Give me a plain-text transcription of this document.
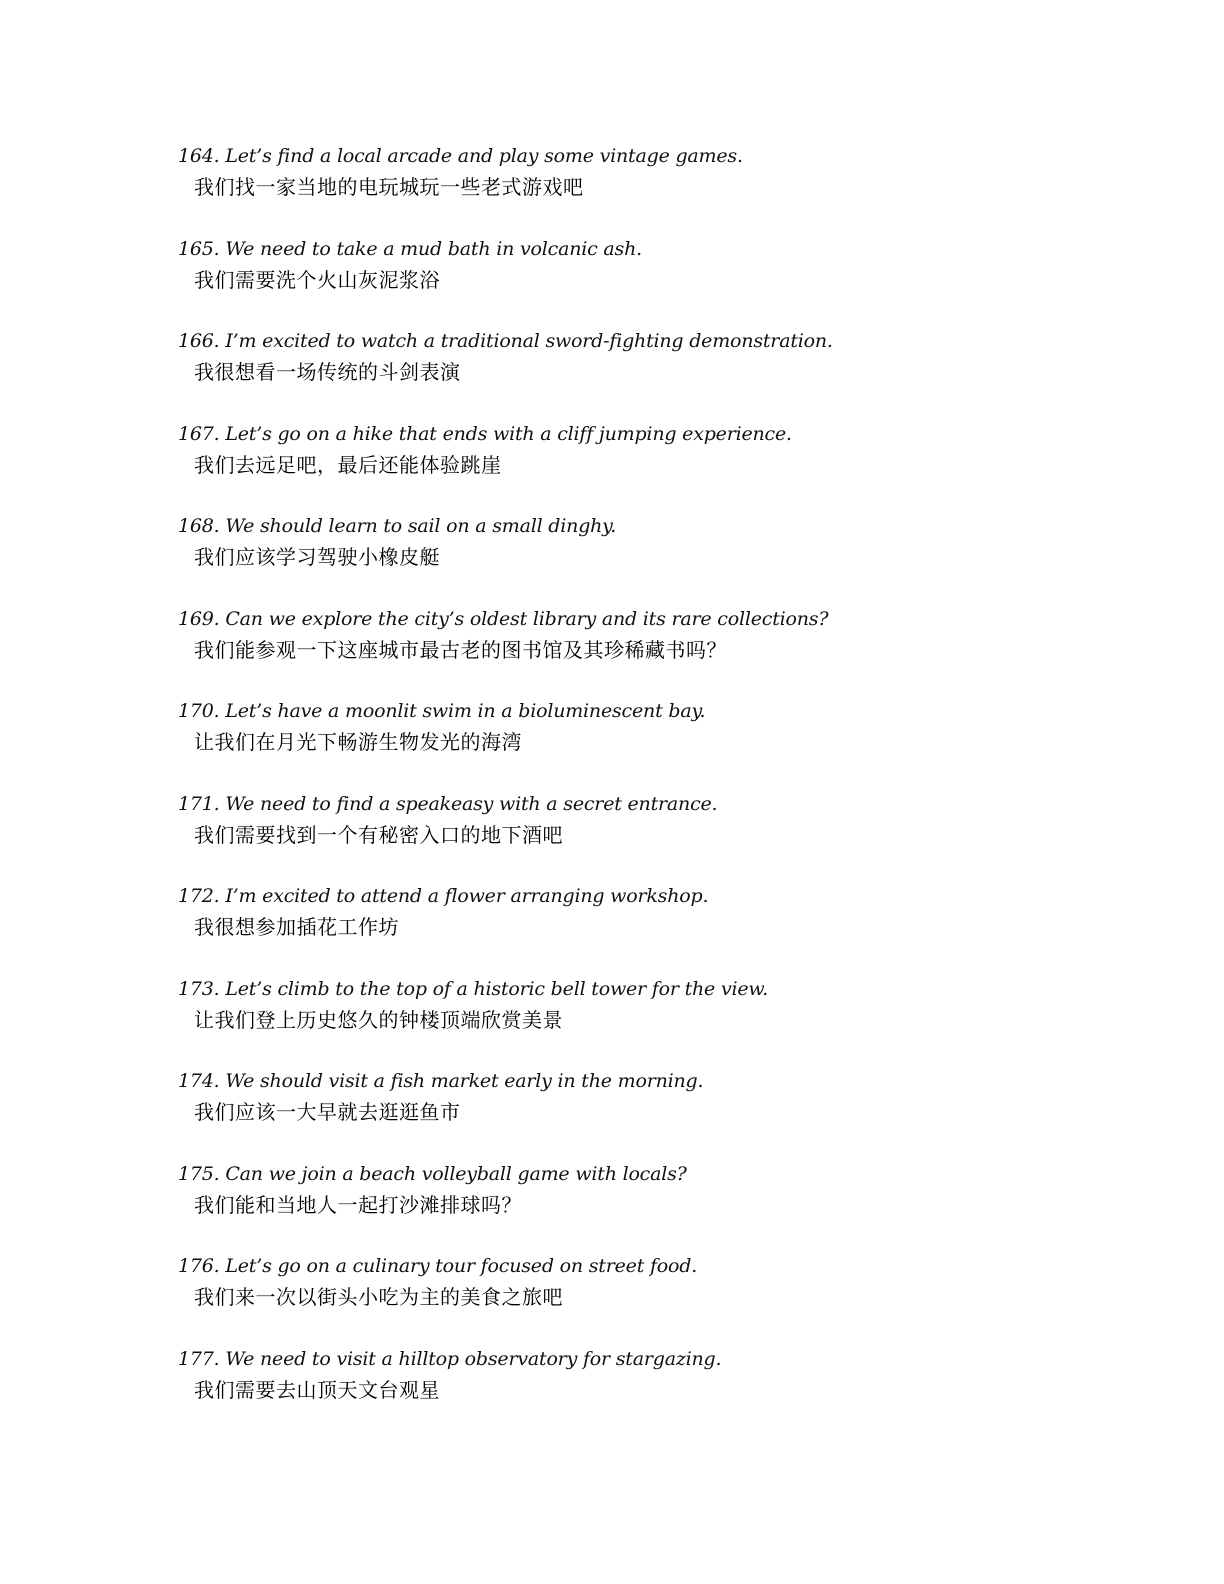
164. Let’s find a local arcade and play some vintage games.
我们找一家当地的电玩城玩一些老式游戏吧
165. We need to take a mud bath in volcanic ash.
我们需要洗个火山灰泥浆浴
166. I’m excited to watch a traditional sword-fighting demonstration.
我很想看一场传统的斗剑表演
167. Let’s go on a hike that ends with a cliff jumping experience.
我们去远足吧，最后还能体验跳崖
168. We should learn to sail on a small dinghy.
我们应该学习驾驶小橡皮艇
169. Can we explore the city’s oldest library and its rare collections?
我们能参观一下这座城市最古老的图书馆及其珍稀藏书吗？
170. Let’s have a moonlit swim in a bioluminescent bay.
让我们在月光下畅游生物发光的海湾
171. We need to find a speakeasy with a secret entrance.
我们需要找到一个有秘密入口的地下酒吧
172. I’m excited to attend a flower arranging workshop.
我很想参加插花工作坊
173. Let’s climb to the top of a historic bell tower for the view.
让我们登上历史悠久的钟楼顶端欣赏美景
174. We should visit a fish market early in the morning.
我们应该一大早就去逛逛鱼市
175. Can we join a beach volleyball game with locals?
我们能和当地人一起打沙滩排球吗？
176. Let’s go on a culinary tour focused on street food.
我们来一次以街头小吃为主的美食之旅吧
177. We need to visit a hilltop observatory for stargazing.
我们需要去山顶天文台观星
